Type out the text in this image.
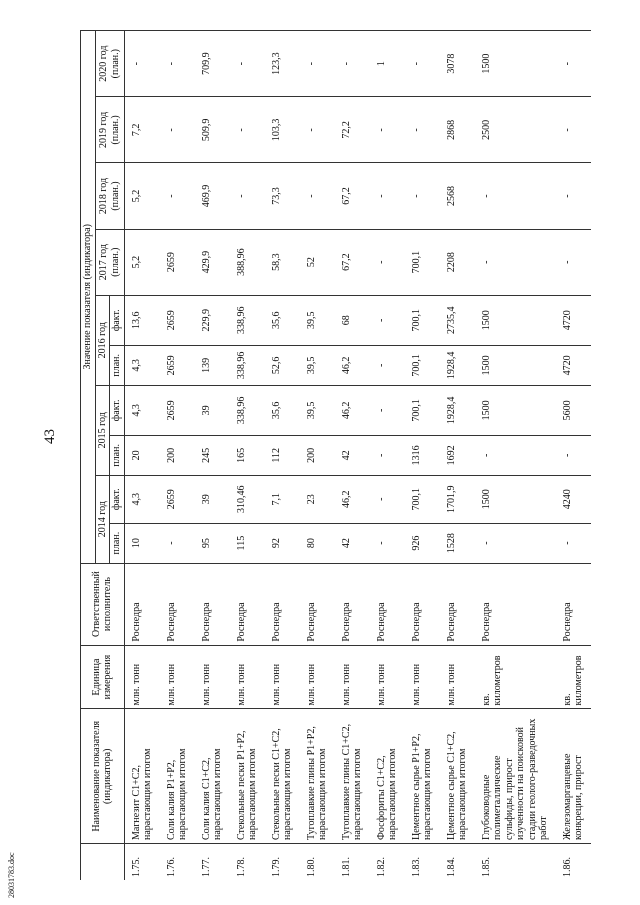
43
28031783.doc
	Наименование показателя (индикатора)	Единица измерения	Ответственный исполнитель	Значение показателя (индикатора)									
				2014 год		2015 год		2016 год		2017 год (план.)	2018 год (план.)	2019 год (план.)	2020 год (план.)
				план.	факт.	план.	факт.	план.	факт.				
1.75.	Магнезит С1+С2, нарастающим итогом	млн. тонн	Роснедра	10	4,3	20	4,3	4,3	13,6	5,2	5,2	7,2	-
1.76.	Соли калия Р1+Р2, нарастающим итогом	млн. тонн	Роснедра	-	2659	200	2659	2659	2659	2659	-	-	-
1.77.	Соли калия С1+С2, нарастающим итогом	млн. тонн	Роснедра	95	39	245	39	139	229,9	429,9	469,9	509,9	709,9
1.78.	Стекольные пески Р1+Р2, нарастающим итогом	млн. тонн	Роснедра	115	310,46	165	338,96	338,96	338,96	388,96	-	-	-
1.79.	Стекольные пески С1+С2, нарастающим итогом	млн. тонн	Роснедра	92	7,1	112	35,6	52,6	35,6	58,3	73,3	103,3	123,3
1.80.	Тугоплавкие глины Р1+Р2, нарастающим итогом	млн. тонн	Роснедра	80	23	200	39,5	39,5	39,5	52	-	-	-
1.81.	Тугоплавкие глины С1+С2, нарастающим итогом	млн. тонн	Роснедра	42	46,2	42	46,2	46,2	68	67,2	67,2	72,2	-
1.82.	Фосфориты С1+С2, нарастающим итогом	млн. тонн	Роснедра	-	-	-	-	-	-	-	-	-	1
1.83.	Цементное сырье Р1+Р2, нарастающим итогом	млн. тонн	Роснедра	926	700,1	1316	700,1	700,1	700,1	700,1	-	-	-
1.84.	Цементное сырье С1+С2, нарастающим итогом	млн. тонн	Роснедра	1528	1701,9	1692	1928,4	1928,4	2735,4	2208	2568	2868	3078
1.85.	Глубоководные полиметаллические сульфиды, прирост изученности на поисковой стадии геолого-разведочных работ	кв. километров	Роснедра	-	1500	-	1500	1500	1500	-	-	2500	1500
1.86.	Железомарганцевые конкреции, прирост	кв. километров	Роснедра	-	4240	-	5600	4720	4720	-	-	-	-
